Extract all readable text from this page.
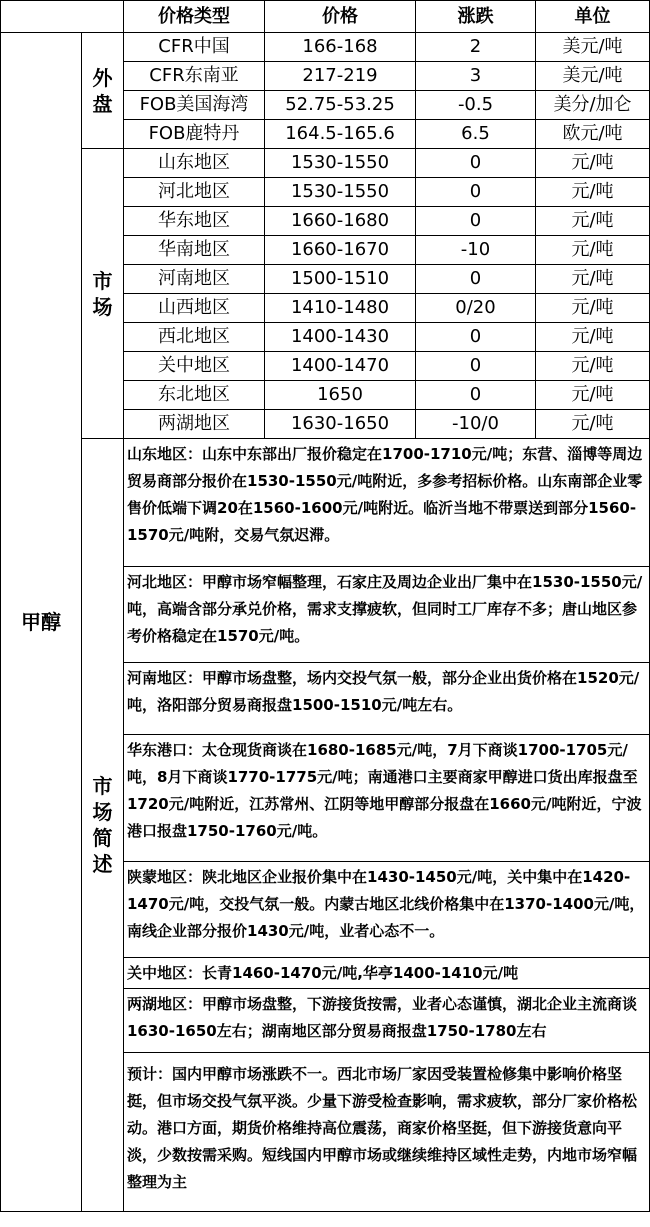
		价格类型	价格	涨跌	单位
甲醇	外盘	CFR中国	166-168	2	美元/吨
		CFR东南亚	217-219	3	美元/吨
		FOB美国海湾	52.75-53.25	-0.5	美分/加仑
		FOB鹿特丹	164.5-165.6	6.5	欧元/吨
	市场	山东地区	1530-1550	0	元/吨
		河北地区	1530-1550	0	元/吨
		华东地区	1660-1680	0	元/吨
		华南地区	1660-1670	-10	元/吨
		河南地区	1500-1510	0	元/吨
		山西地区	1410-1480	0/20	元/吨
		西北地区	1400-1430	0	元/吨
		关中地区	1400-1470	0	元/吨
		东北地区	1650	0	元/吨
		两湖地区	1630-1650	-10/0	元/吨
	市场简述	山东地区：山东中东部出厂报价稳定在1700-1710元/吨；东营、淄博等周边贸易商部分报价在1530-1550元/吨附近，多参考招标价格。山东南部企业零售价低端下调20在1560-1600元/吨附近。临沂当地不带票送到部分1560-1570元/吨附，交易气氛迟滞。			
		河北地区：甲醇市场窄幅整理，石家庄及周边企业出厂集中在1530-1550元/吨，高端含部分承兑价格，需求支撑疲软，但同时工厂库存不多；唐山地区参考价格稳定在1570元/吨。			
		河南地区：甲醇市场盘整，场内交投气氛一般，部分企业出货价格在1520元/吨，洛阳部分贸易商报盘1500-1510元/吨左右。			
		华东港口：太仓现货商谈在1680-1685元/吨，7月下商谈1700-1705元/吨，8月下商谈1770-1775元/吨；南通港口主要商家甲醇进口货出库报盘至1720元/吨附近，江苏常州、江阴等地甲醇部分报盘在1660元/吨附近，宁波港口报盘1750-1760元/吨。			
		陕蒙地区：陕北地区企业报价集中在1430-1450元/吨，关中集中在1420-1470元/吨，交投气氛一般。内蒙古地区北线价格集中在1370-1400元/吨，南线企业部分报价1430元/吨，业者心态不一。			
		关中地区：长青1460-1470元/吨,华亭1400-1410元/吨			
		两湖地区：甲醇市场盘整，下游接货按需，业者心态谨慎，湖北企业主流商谈1630-1650左右；湖南地区部分贸易商报盘1750-1780左右			
		预计：国内甲醇市场涨跌不一。西北市场厂家因受装置检修集中影响价格坚挺，但市场交投气氛平淡。少量下游受检查影响，需求疲软，部分厂家价格松动。港口方面，期货价格维持高位震荡，商家价格坚挺，但下游接货意向平淡，少数按需采购。短线国内甲醇市场或继续维持区域性走势，内地市场窄幅整理为主			
